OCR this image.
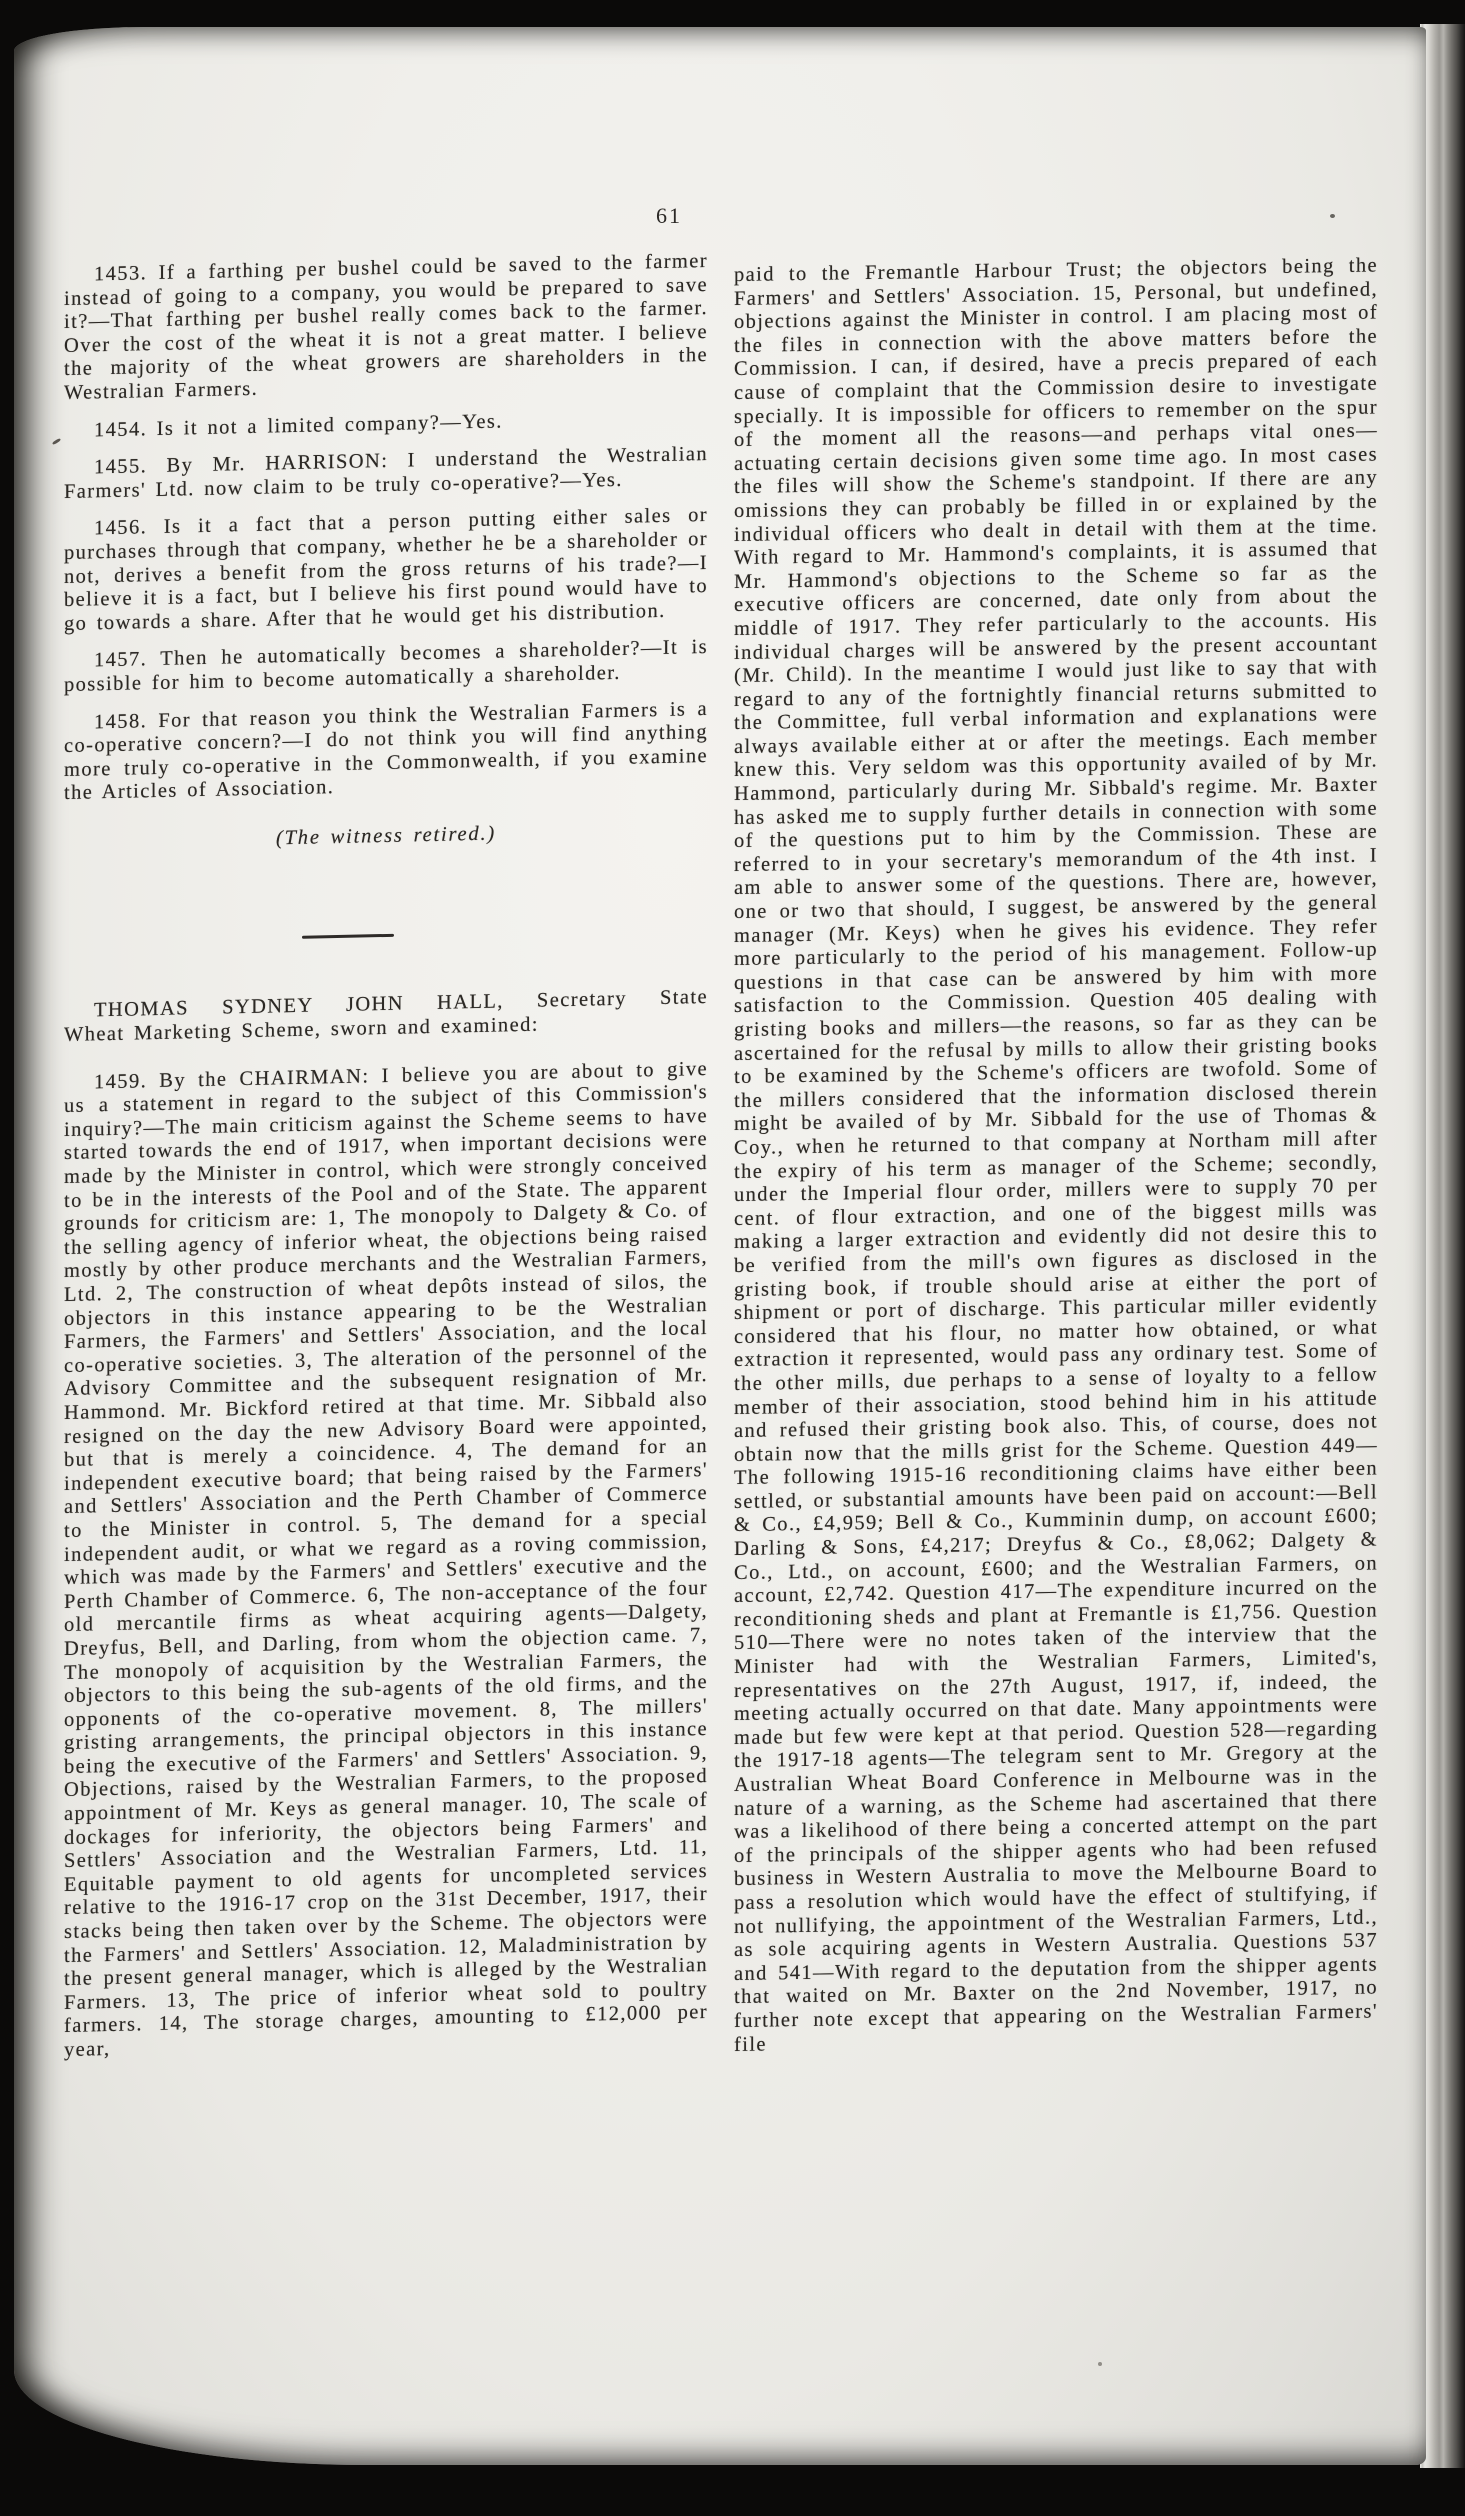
61

1453. If a farthing per bushel could be saved to the farmer instead of going to a company, you would be prepared to save it?—That farthing per bushel really comes back to the farmer. Over the cost of the wheat it is not a great matter. I believe the majority of the wheat growers are shareholders in the Westralian Farmers.

1454. Is it not a limited company?—Yes.

1455. By Mr. HARRISON: I understand the Westralian Farmers' Ltd. now claim to be truly co-operative?—Yes.

1456. Is it a fact that a person putting either sales or purchases through that company, whether he be a shareholder or not, derives a benefit from the gross returns of his trade?—I believe it is a fact, but I believe his first pound would have to go towards a share. After that he would get his distribution.

1457. Then he automatically becomes a shareholder?—It is possible for him to become automatically a shareholder.

1458. For that reason you think the Westralian Farmers is a co-operative concern?—I do not think you will find anything more truly co-operative in the Commonwealth, if you examine the Articles of Association.

(The witness retired.)

THOMAS SYDNEY JOHN HALL, Secretary State
Wheat Marketing Scheme, sworn and examined:

1459. By the CHAIRMAN: I believe you are about to give us a statement in regard to the subject of this Commission's inquiry?—The main criticism against the Scheme seems to have started towards the end of 1917, when important decisions were made by the Minister in control, which were strongly conceived to be in the interests of the Pool and of the State. The apparent grounds for criticism are: 1, The monopoly to Dalgety & Co. of the selling agency of inferior wheat, the objections being raised mostly by other produce merchants and the Westralian Farmers, Ltd. 2, The construction of wheat depôts instead of silos, the objectors in this instance appearing to be the Westralian Farmers, the Farmers' and Settlers' Association, and the local co-operative societies. 3, The alteration of the personnel of the Advisory Committee and the subsequent resignation of Mr. Hammond. Mr. Bickford retired at that time. Mr. Sibbald also resigned on the day the new Advisory Board were appointed, but that is merely a coincidence. 4, The demand for an independent executive board; that being raised by the Farmers' and Settlers' Association and the Perth Chamber of Commerce to the Minister in control. 5, The demand for a special independent audit, or what we regard as a roving commission, which was made by the Farmers' and Settlers' executive and the Perth Chamber of Commerce. 6, The non-acceptance of the four old mercantile firms as wheat acquiring agents—Dalgety, Dreyfus, Bell, and Darling, from whom the objection came. 7, The monopoly of acquisition by the Westralian Farmers, the objectors to this being the sub-agents of the old firms, and the opponents of the co-operative movement. 8, The millers' gristing arrangements, the principal objectors in this instance being the executive of the Farmers' and Settlers' Association. 9, Objections, raised by the Westralian Farmers, to the proposed appointment of Mr. Keys as general manager. 10, The scale of dockages for inferiority, the objectors being Farmers' and Settlers' Association and the Westralian Farmers, Ltd. 11, Equitable payment to old agents for uncompleted services relative to the 1916-17 crop on the 31st December, 1917, their stacks being then taken over by the Scheme. The objectors were the Farmers' and Settlers' Association. 12, Maladministration by the present general manager, which is alleged by the Westralian Farmers. 13, The price of inferior wheat sold to poultry farmers. 14, The storage charges, amounting to £12,000 per year,

paid to the Fremantle Harbour Trust; the objectors being the Farmers' and Settlers' Association. 15, Personal, but undefined, objections against the Minister in control. I am placing most of the files in connection with the above matters before the Commission. I can, if desired, have a precis prepared of each cause of complaint that the Commission desire to investigate specially. It is impossible for officers to remember on the spur of the moment all the reasons—and perhaps vital ones—actuating certain decisions given some time ago. In most cases the files will show the Scheme's standpoint. If there are any omissions they can probably be filled in or explained by the individual officers who dealt in detail with them at the time. With regard to Mr. Hammond's complaints, it is assumed that Mr. Hammond's objections to the Scheme so far as the executive officers are concerned, date only from about the middle of 1917. They refer particularly to the accounts. His individual charges will be answered by the present accountant (Mr. Child). In the meantime I would just like to say that with regard to any of the fortnightly financial returns submitted to the Committee, full verbal information and explanations were always available either at or after the meetings. Each member knew this. Very seldom was this opportunity availed of by Mr. Hammond, particularly during Mr. Sibbald's regime. Mr. Baxter has asked me to supply further details in connection with some of the questions put to him by the Commission. These are referred to in your secretary's memorandum of the 4th inst. I am able to answer some of the questions. There are, however, one or two that should, I suggest, be answered by the general manager (Mr. Keys) when he gives his evidence. They refer more particularly to the period of his management. Follow-up questions in that case can be answered by him with more satisfaction to the Commission. Question 405 dealing with gristing books and millers—the reasons, so far as they can be ascertained for the refusal by mills to allow their gristing books to be examined by the Scheme's officers are twofold. Some of the millers considered that the information disclosed therein might be availed of by Mr. Sibbald for the use of Thomas & Coy., when he returned to that company at Northam mill after the expiry of his term as manager of the Scheme; secondly, under the Imperial flour order, millers were to supply 70 per cent. of flour extraction, and one of the biggest mills was making a larger extraction and evidently did not desire this to be verified from the mill's own figures as disclosed in the gristing book, if trouble should arise at either the port of shipment or port of discharge. This particular miller evidently considered that his flour, no matter how obtained, or what extraction it represented, would pass any ordinary test. Some of the other mills, due perhaps to a sense of loyalty to a fellow member of their association, stood behind him in his attitude and refused their gristing book also. This, of course, does not obtain now that the mills grist for the Scheme. Question 449—The following 1915-16 reconditioning claims have either been settled, or substantial amounts have been paid on account:—Bell & Co., £4,959; Bell & Co., Kumminin dump, on account £600; Darling & Sons, £4,217; Dreyfus & Co., £8,062; Dalgety & Co., Ltd., on account, £600; and the Westralian Farmers, on account, £2,742. Question 417—The expenditure incurred on the reconditioning sheds and plant at Fremantle is £1,756. Question 510—There were no notes taken of the interview that the Minister had with the Westralian Farmers, Limited's, representatives on the 27th August, 1917, if, indeed, the meeting actually occurred on that date. Many appointments were made but few were kept at that period. Question 528—regarding the 1917-18 agents—The telegram sent to Mr. Gregory at the Australian Wheat Board Conference in Melbourne was in the nature of a warning, as the Scheme had ascertained that there was a likelihood of there being a concerted attempt on the part of the principals of the shipper agents who had been refused business in Western Australia to move the Melbourne Board to pass a resolution which would have the effect of stultifying, if not nullifying, the appointment of the Westralian Farmers, Ltd., as sole acquiring agents in Western Australia. Questions 537 and 541—With regard to the deputation from the shipper agents that waited on Mr. Baxter on the 2nd November, 1917, no further note except that appearing on the Westralian Farmers' file
